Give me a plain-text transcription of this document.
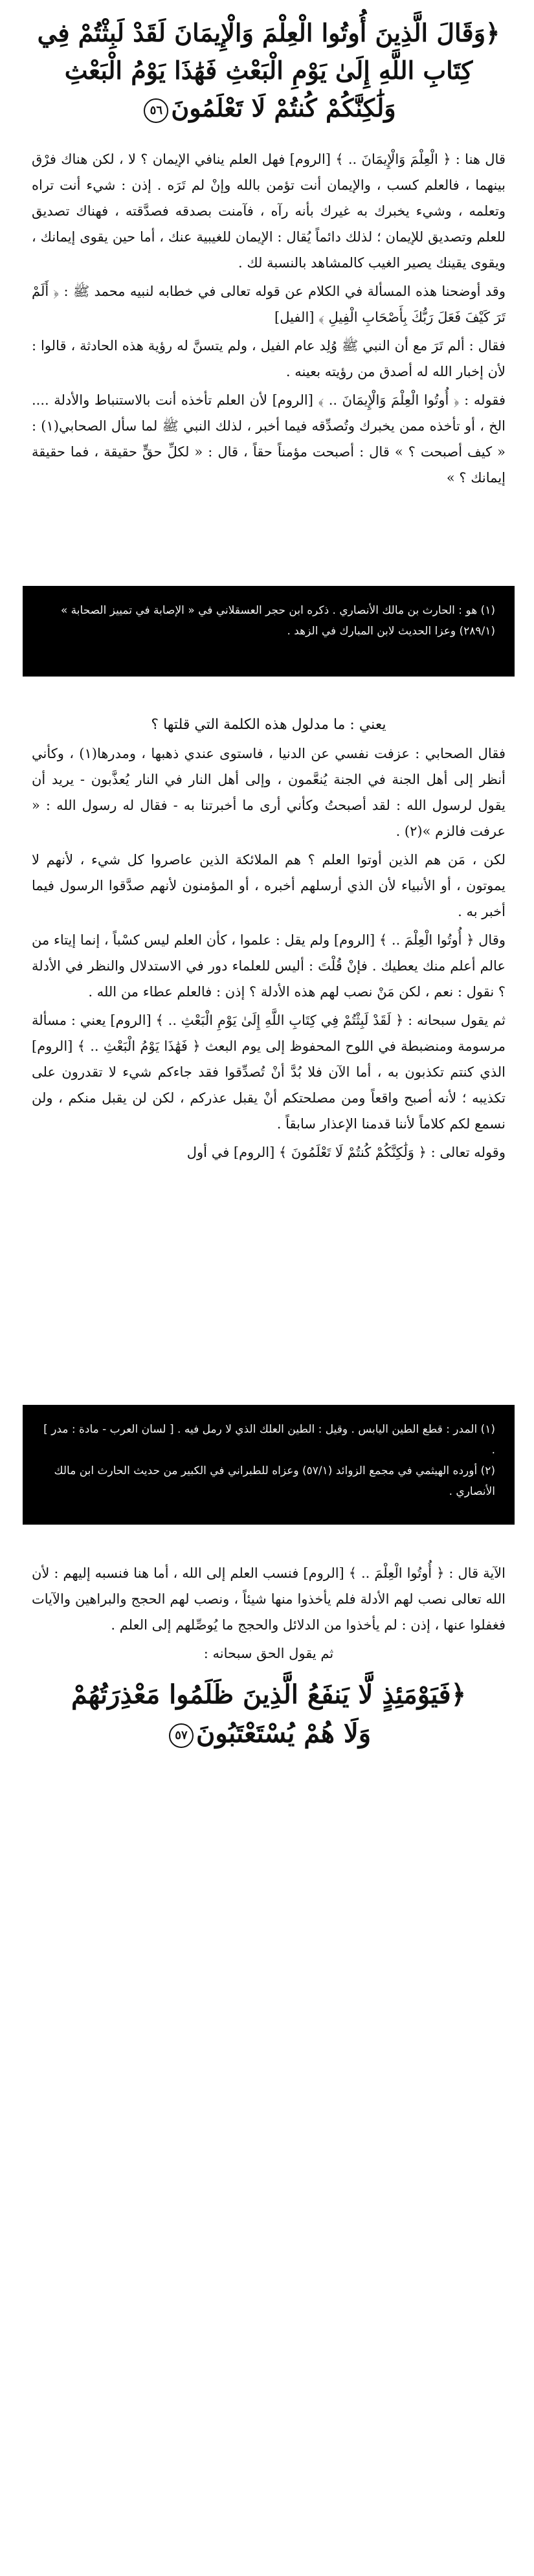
﴿وَقَالَ الَّذِينَ أُوتُوا الْعِلْمَ وَالْإِيمَانَ لَقَدْ لَبِثْتُمْ فِي
كِتَابِ اللَّهِ إِلَىٰ يَوْمِ الْبَعْثِ فَهَٰذَا يَوْمُ الْبَعْثِ
وَلَٰكِنَّكُمْ كُنتُمْ لَا تَعْلَمُونَ٥٦

قال هنا : ﴿ الْعِلْمَ وَالْإِيمَانَ .. ﴾ [الروم] فهل العلم ينافي الإيمان ؟ لا ، لكن هناك فرْق بينهما ، فالعلم كسب ، والإيمان أنت تؤمن بالله وإنْ لم تَرَه . إذن : شيء أنت تراه وتعلمه ، وشيء يخبرك به غيرك بأنه رآه ، فآمنت بصدقه فصدَّقته ، فهناك تصديق للعلم وتصديق للإيمان ؛ لذلك دائماً يُقال : الإيمان للغيبية عنك ، أما حين يقوى إيمانك ، ويقوى يقينك يصير الغيب كالمشاهد بالنسبة لك .

وقد أوضحنا هذه المسألة في الكلام عن قوله تعالى في خطابه لنبيه محمد ﷺ : ﴿ أَلَمْ تَرَ كَيْفَ فَعَلَ رَبُّكَ بِأَصْحَابِ الْفِيلِ ﴾ [الفيل]

فقال : ألم تَرَ مع أن النبي ﷺ وُلِد عام الفيل ، ولم يتسنَّ له رؤية هذه الحادثة ، قالوا : لأن إخبار الله له أصدق من رؤيته بعينه .

فقوله : ﴿ أُوتُوا الْعِلْمَ وَالْإِيمَانَ .. ﴾ [الروم] لأن العلم تأخذه أنت بالاستنباط والأدلة .... الخ ، أو تأخذه ممن يخبرك وتُصدِّقه فيما أخبر ، لذلك النبي ﷺ لما سأل الصحابي(١) : « كيف أصبحت ؟ » قال : أصبحت مؤمناً حقاً ، قال : « لكلِّ حقٍّ حقيقة ، فما حقيقة إيمانك ؟ »

(١) هو : الحارث بن مالك الأنصاري . ذكره ابن حجر العسقلاني في « الإصابة في تمييز الصحابة » (٢٨٩/١) وعزا الحديث لابن المبارك في الزهد .

يعني : ما مدلول هذه الكلمة التي قلتها ؟

فقال الصحابي : عزفت نفسي عن الدنيا ، فاستوى عندي ذهبها ، ومدرها(١) ، وكأني أنظر إلى أهل الجنة في الجنة يُنعَّمون ، وإلى أهل النار في النار يُعذَّبون - يريد أن يقول لرسول الله : لقد أصبحتُ وكأني أرى ما أخبرتنا به - فقال له رسول الله : « عرفت فالزم »(٢) .

لكن ، مَن هم الذين أوتوا العلم ؟ هم الملائكة الذين عاصروا كل شيء ، لأنهم لا يموتون ، أو الأنبياء لأن الذي أرسلهم أخبره ، أو المؤمنون لأنهم صدَّقوا الرسول فيما أخبر به .

وقال ﴿ أُوتُوا الْعِلْمَ .. ﴾ [الروم] ولم يقل : علموا ، كأن العلم ليس كسْباً ، إنما إيتاء من عالم أعلم منك يعطيك . فإنْ قُلْتَ : أليس للعلماء دور في الاستدلال والنظر في الأدلة ؟ نقول : نعم ، لكن مَنْ نصب لهم هذه الأدلة ؟ إذن : فالعلم عطاء من الله .

ثم يقول سبحانه : ﴿ لَقَدْ لَبِثْتُمْ فِي كِتَابِ اللَّهِ إِلَىٰ يَوْمِ الْبَعْثِ .. ﴾ [الروم] يعني : مسألة مرسومة ومنضبطة في اللوح المحفوظ إلى يوم البعث ﴿ فَهَٰذَا يَوْمُ الْبَعْثِ .. ﴾ [الروم] الذي كنتم تكذبون به ، أما الآن فلا بُدَّ أنْ تُصدِّقوا فقد جاءكم شيء لا تقدرون على تكذيبه ؛ لأنه أصبح واقعاً ومن مصلحتكم أنْ يقبل عذركم ، لكن لن يقبل منكم ، ولن نسمع لكم كلاماً لأننا قدمنا الإعذار سابقاً .

وقوله تعالى : ﴿ وَلَٰكِنَّكُمْ كُنتُمْ لَا تَعْلَمُونَ ﴾ [الروم] في أول

(١) المدر : قطع الطين اليابس . وقيل : الطين العلك الذي لا رمل فيه . [ لسان العرب - مادة : مدر ] .

(٢) أورده الهيثمي في مجمع الزوائد (٥٧/١) وعزاه للطبراني في الكبير من حديث الحارث ابن مالك الأنصاري .

الآية قال : ﴿ أُوتُوا الْعِلْمَ .. ﴾ [الروم] فنسب العلم إلى الله ، أما هنا فنسبه إليهم : لأن الله تعالى نصب لهم الأدلة فلم يأخذوا منها شيئاً ، ونصب لهم الحجج والبراهين والآيات فغفلوا عنها ، إذن : لم يأخذوا من الدلائل والحجج ما يُوصِّلهم إلى العلم .

ثم يقول الحق سبحانه :

﴿فَيَوْمَئِذٍ لَّا يَنفَعُ الَّذِينَ ظَلَمُوا مَعْذِرَتُهُمْ
وَلَا هُمْ يُسْتَعْتَبُونَ٥٧
